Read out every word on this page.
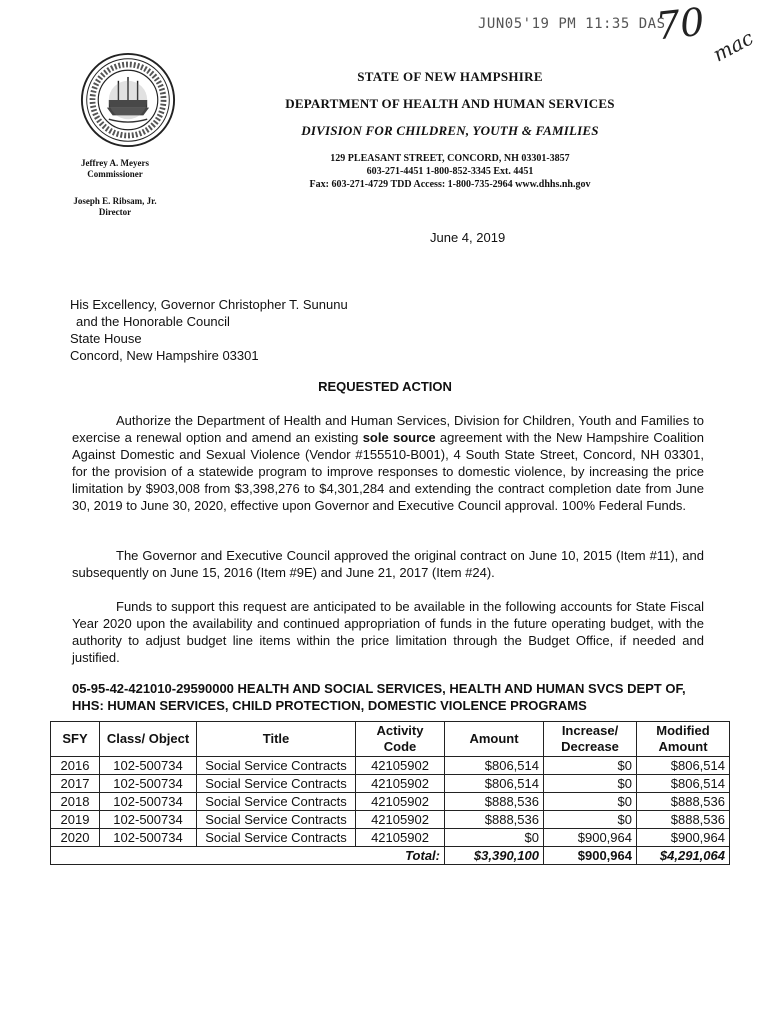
JUN05'19 PM 11:35 DAS
70 mac
STATE OF NEW HAMPSHIRE
DEPARTMENT OF HEALTH AND HUMAN SERVICES
DIVISION FOR CHILDREN, YOUTH & FAMILIES
129 PLEASANT STREET, CONCORD, NH 03301-3857
603-271-4451 1-800-852-3345 Ext. 4451
Fax: 603-271-4729 TDD Access: 1-800-735-2964 www.dhhs.nh.gov
Jeffrey A. Meyers
Commissioner
Joseph E. Ribsam, Jr.
Director
June 4, 2019
His Excellency, Governor Christopher T. Sununu
and the Honorable Council
State House
Concord, New Hampshire 03301
REQUESTED ACTION
Authorize the Department of Health and Human Services, Division for Children, Youth and Families to exercise a renewal option and amend an existing sole source agreement with the New Hampshire Coalition Against Domestic and Sexual Violence (Vendor #155510-B001), 4 South State Street, Concord, NH 03301, for the provision of a statewide program to improve responses to domestic violence, by increasing the price limitation by $903,008 from $3,398,276 to $4,301,284 and extending the contract completion date from June 30, 2019 to June 30, 2020, effective upon Governor and Executive Council approval. 100% Federal Funds.
The Governor and Executive Council approved the original contract on June 10, 2015 (Item #11), and subsequently on June 15, 2016 (Item #9E) and June 21, 2017 (Item #24).
Funds to support this request are anticipated to be available in the following accounts for State Fiscal Year 2020 upon the availability and continued appropriation of funds in the future operating budget, with the authority to adjust budget line items within the price limitation through the Budget Office, if needed and justified.
05-95-42-421010-29590000 HEALTH AND SOCIAL SERVICES, HEALTH AND HUMAN SVCS DEPT OF, HHS: HUMAN SERVICES, CHILD PROTECTION, DOMESTIC VIOLENCE PROGRAMS
SFY	Class/ Object	Title	Activity Code	Amount	Increase/ Decrease	Modified Amount
2016	102-500734	Social Service Contracts	42105902	$806,514	$0	$806,514
2017	102-500734	Social Service Contracts	42105902	$806,514	$0	$806,514
2018	102-500734	Social Service Contracts	42105902	$888,536	$0	$888,536
2019	102-500734	Social Service Contracts	42105902	$888,536	$0	$888,536
2020	102-500734	Social Service Contracts	42105902	$0	$900,964	$900,964
Total:				$3,390,100	$900,964	$4,291,064
